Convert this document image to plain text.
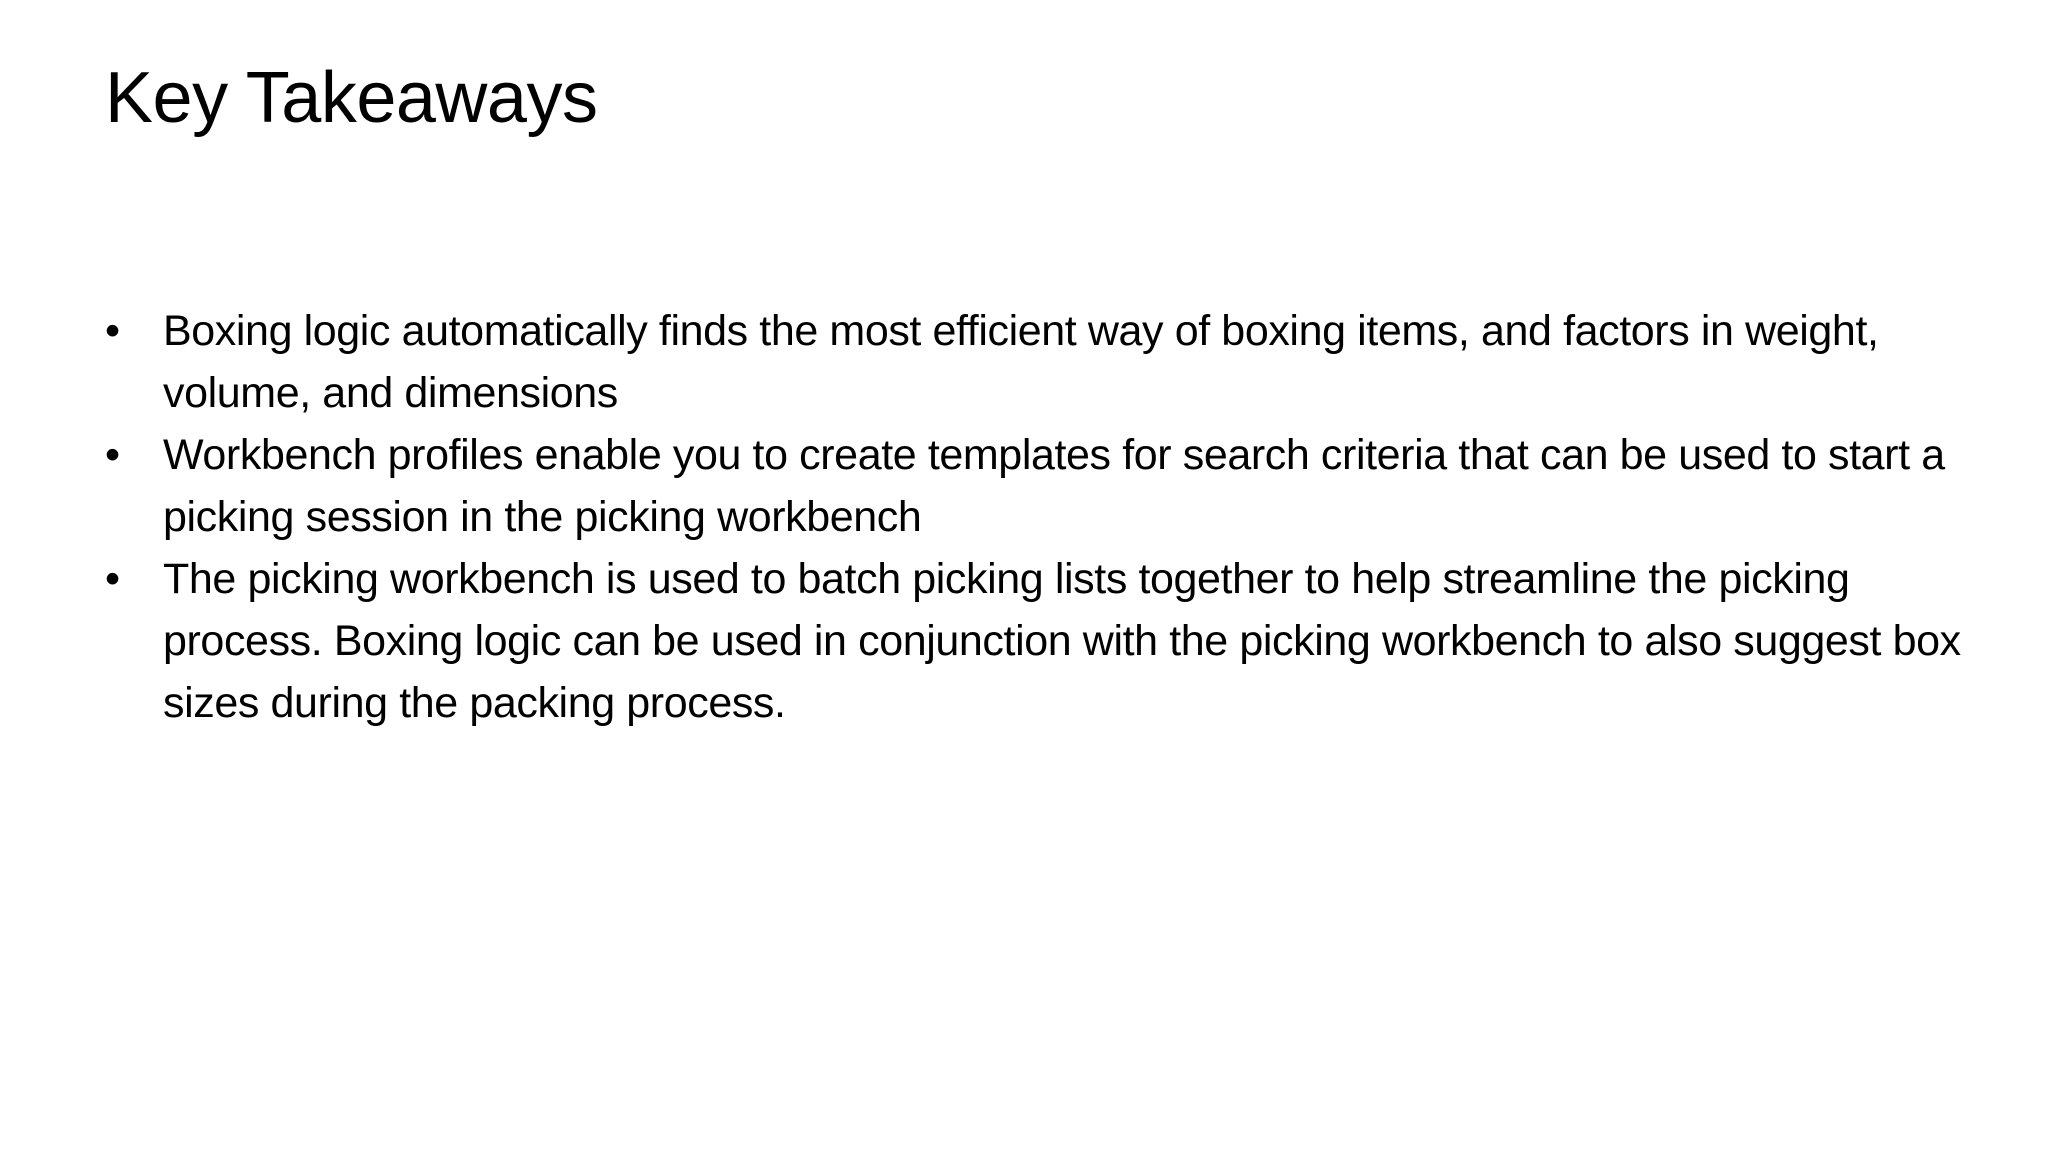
Key Takeaways
•	Boxing logic automatically finds the most efficient way of boxing items, and factors in weight, volume, and dimensions
•	Workbench profiles enable you to create templates for search criteria that can be used to start a picking session in the picking workbench
•	The picking workbench is used to batch picking lists together to help streamline the picking process. Boxing logic can be used in conjunction with the picking workbench to also suggest box sizes during the packing process.
